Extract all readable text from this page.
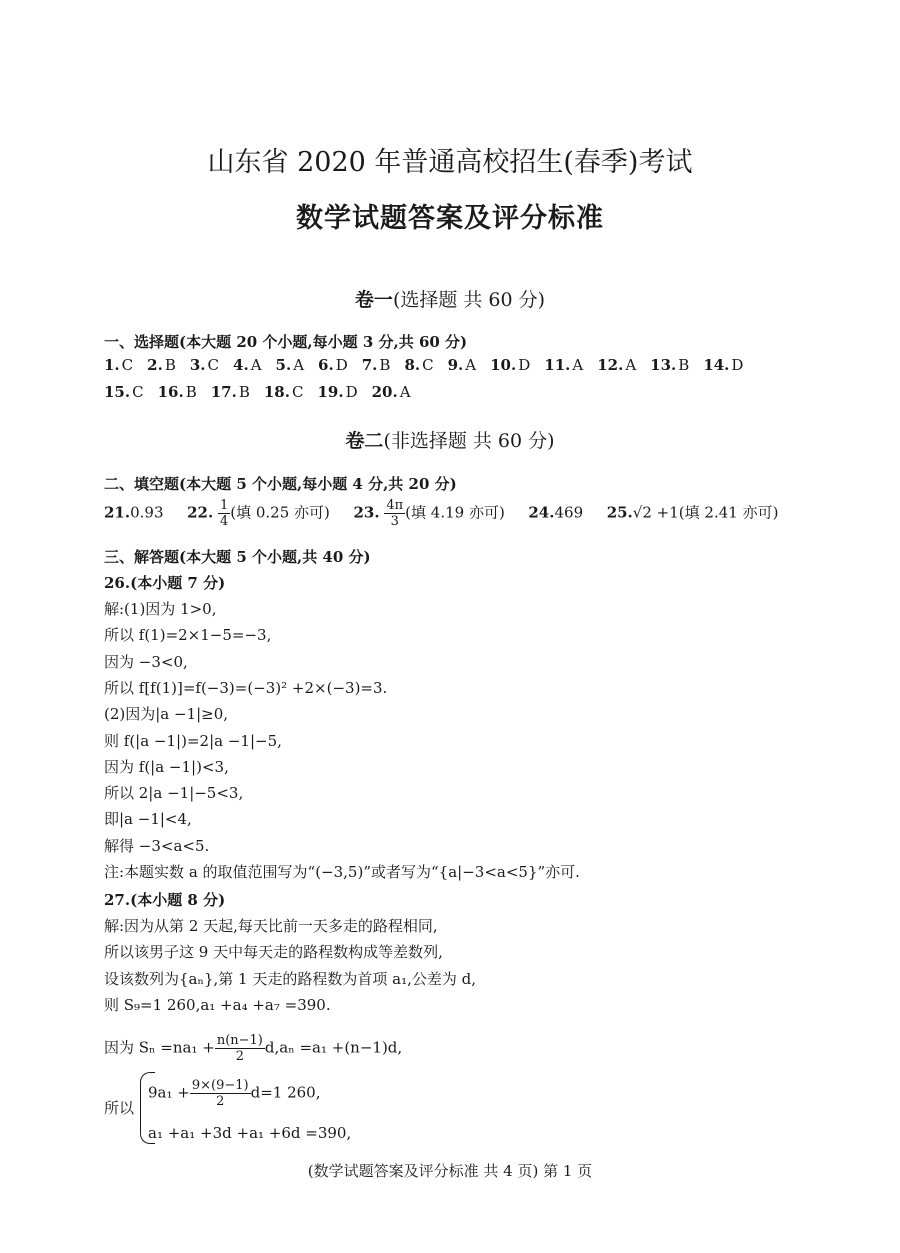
山东省 2020 年普通高校招生(春季)考试
数学试题答案及评分标准
卷一(选择题 共 60 分)
一、选择题(本大题 20 个小题,每小题 3 分,共 60 分)
1. C 2. B 3. C 4. A 5. A 6. D 7. B 8. C 9. A 10. D 11. A 12. A 13. B 14. D
15. C 16. B 17. B 18. C 19. D 20. A
卷二(非选择题 共 60 分)
二、填空题(本大题 5 个小题,每小题 4 分,共 20 分)
21.0.93 22. $\frac{1}{4}$ (填 0.25 亦可) 23. $\frac{4\pi}{3}$ (填 4.19 亦可) 24.469 25.√2 +1(填 2.41 亦可)
三、解答题(本大题 5 个小题,共 40 分)
26.(本小题 7 分)
解:(1)因为 1>0,
所以 f(1)=2×1−5=−3,
因为 −3<0,
所以 f[f(1)]=f(−3)=(−3)² +2×(−3)=3.
(2)因为|a −1|≥0,
则 f(|a −1|)=2|a −1|−5,
因为 f(|a −1|)<3,
所以 2|a −1|−5<3,
即|a −1|<4,
解得 −3<a<5.
注:本题实数 a 的取值范围写为“(−3,5)”或者写为“{a|−3<a<5}”亦可.
27.(本小题 8 分)
解:因为从第 2 天起,每天比前一天多走的路程相同,
所以该男子这 9 天中每天走的路程数构成等差数列,
设该数列为{aₙ},第 1 天走的路程数为首项 a₁,公差为 d,
则 S₉=1 260,a₁ +a₄ +a₇ =390.
因为 $S_n =na_1 + \frac{n(n-1)}{2} d,a_n =a_1 +(n-1)d$,
所以
$9a_1 + \frac{9\times(9-1)}{2} d=1$ 260,
a₁ +a₁ +3d +a₁ +6d =390,
(数学试题答案及评分标准 共 4 页) 第 1 页
